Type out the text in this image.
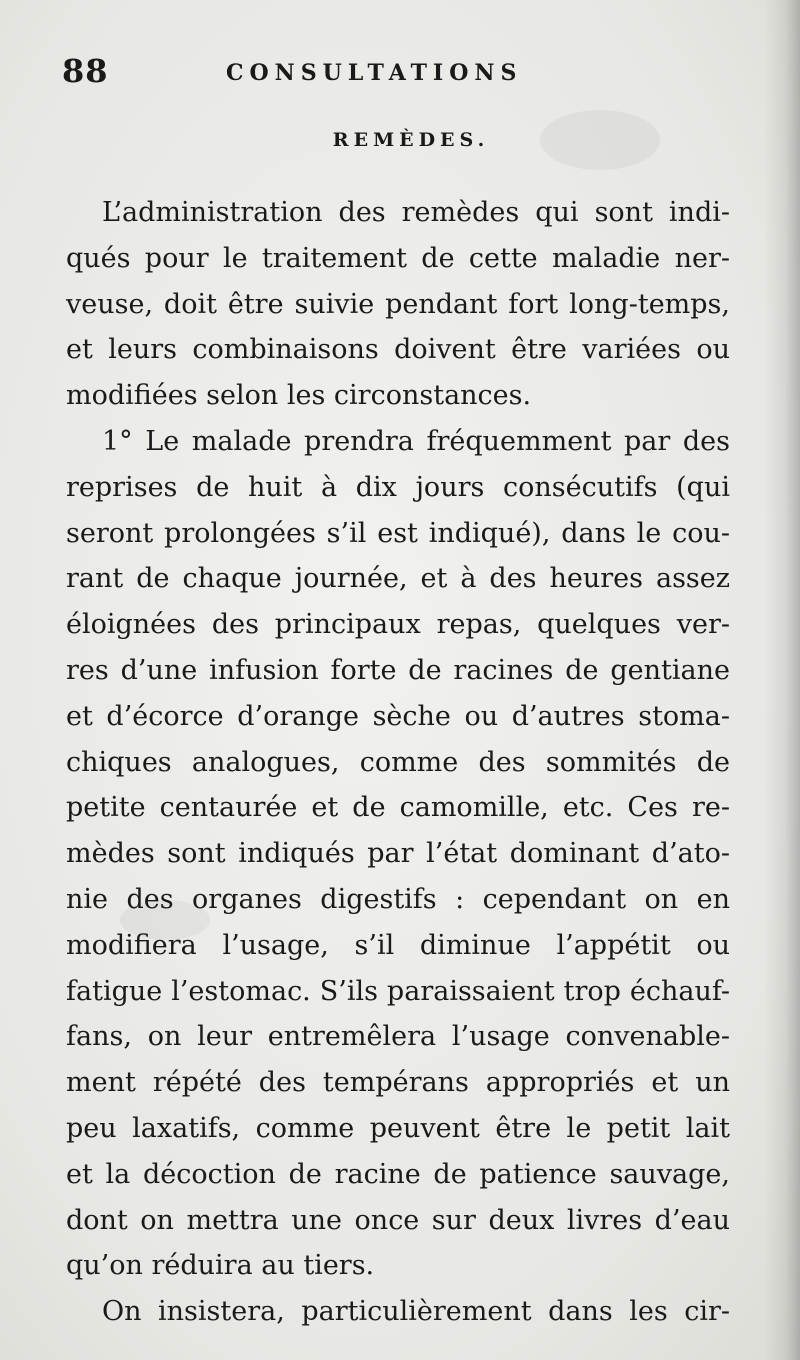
88	CONSULTATIONS
REMÈDES.
L’administration des remèdes qui sont indi-
qués pour le traitement de cette maladie ner-
veuse, doit être suivie pendant fort long-temps,
et leurs combinaisons doivent être variées ou
modifiées selon les circonstances.
1° Le malade prendra fréquemment par des
reprises de huit à dix jours consécutifs (qui
seront prolongées s’il est indiqué), dans le cou-
rant de chaque journée, et à des heures assez
éloignées des principaux repas, quelques ver-
res d’une infusion forte de racines de gentiane
et d’écorce d’orange sèche ou d’autres stoma-
chiques analogues, comme des sommités de
petite centaurée et de camomille, etc. Ces re-
mèdes sont indiqués par l’état dominant d’ato-
nie des organes digestifs : cependant on en
modifiera l’usage, s’il diminue l’appétit ou
fatigue l’estomac. S’ils paraissaient trop échauf-
fans, on leur entremêlera l’usage convenable-
ment répété des tempérans appropriés et un
peu laxatifs, comme peuvent être le petit lait
et la décoction de racine de patience sauvage,
dont on mettra une once sur deux livres d’eau
qu’on réduira au tiers.
On insistera, particulièrement dans les cir-
